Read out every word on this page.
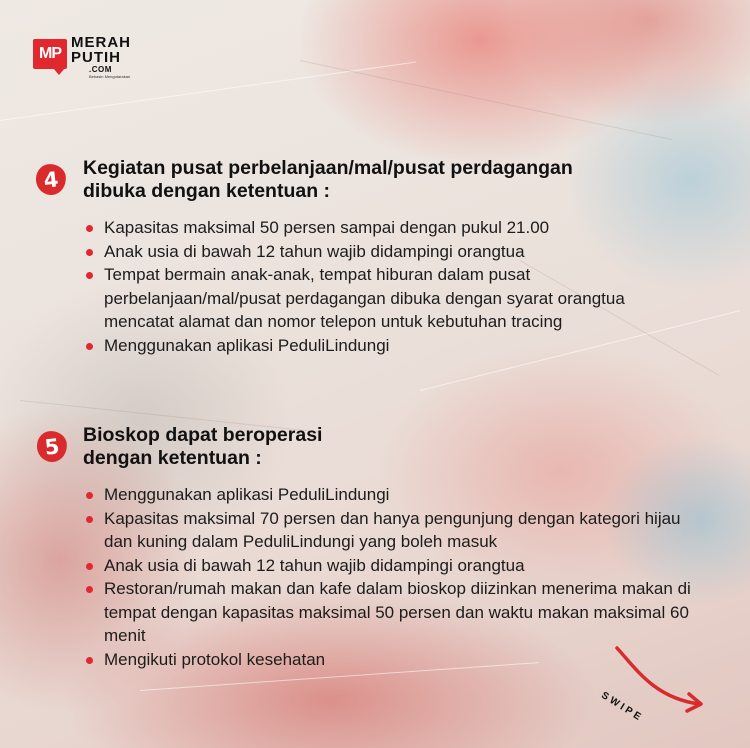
MP
MERAH
PUTIH
.COM
Bebasin Mengutarakan
4	Kegiatan pusat perbelanjaan/mal/pusat perdagangan
dibuka dengan ketentuan :
Kapasitas maksimal 50 persen sampai dengan pukul 21.00
Anak usia di bawah 12 tahun wajib didampingi orangtua
Tempat bermain anak-anak, tempat hiburan dalam pusat perbelanjaan/mal/pusat perdagangan dibuka dengan syarat orangtua mencatat alamat dan nomor telepon untuk kebutuhan tracing
Menggunakan aplikasi PeduliLindungi
5	Bioskop dapat beroperasi
dengan ketentuan :
Menggunakan aplikasi PeduliLindungi
Kapasitas maksimal 70 persen dan hanya pengunjung dengan kategori hijau dan kuning dalam PeduliLindungi yang boleh masuk
Anak usia di bawah 12 tahun wajib didampingi orangtua
Restoran/rumah makan dan kafe dalam bioskop diizinkan menerima makan di tempat dengan kapasitas maksimal 50 persen dan waktu makan maksimal 60 menit
Mengikuti protokol kesehatan
SWIPE
